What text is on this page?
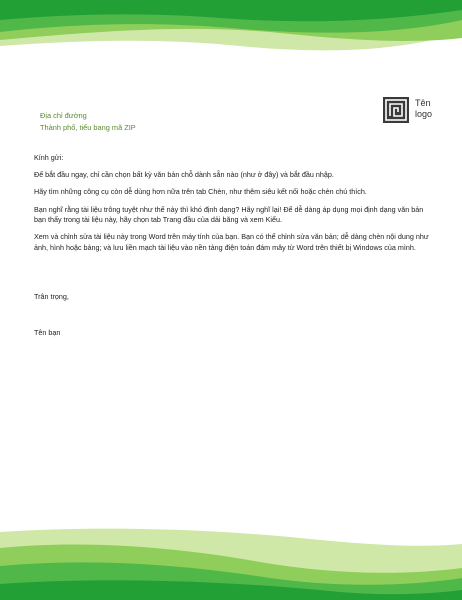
Địa chỉ đường
Thành phố, tiểu bang mã ZIP
Tên
logo

Kính gửi:

Để bắt đầu ngay, chỉ cần chọn bất kỳ văn bản chỗ dành sẵn nào (như ở đây) và bắt đầu nhập.

Hãy tìm những công cụ còn dễ dùng hơn nữa trên tab Chèn, như thêm siêu kết nối hoặc chèn chú thích.

Bạn nghĩ rằng tài liệu trông tuyệt như thế này thì khó định dạng? Hãy nghĩ lại! Để dễ dàng áp dụng mọi định dạng văn bản bạn thấy trong tài liệu này, hãy chọn tab Trang đầu của dải băng và xem Kiểu.

Xem và chỉnh sửa tài liệu này trong Word trên máy tính của bạn. Bạn có thể chỉnh sửa văn bản; dễ dàng chèn nội dung như ảnh, hình hoặc bảng; và lưu liền mạch tài liệu vào nền tảng điện toán đám mây từ Word trên thiết bị Windows của mình.

Trân trọng,
Tên bạn
